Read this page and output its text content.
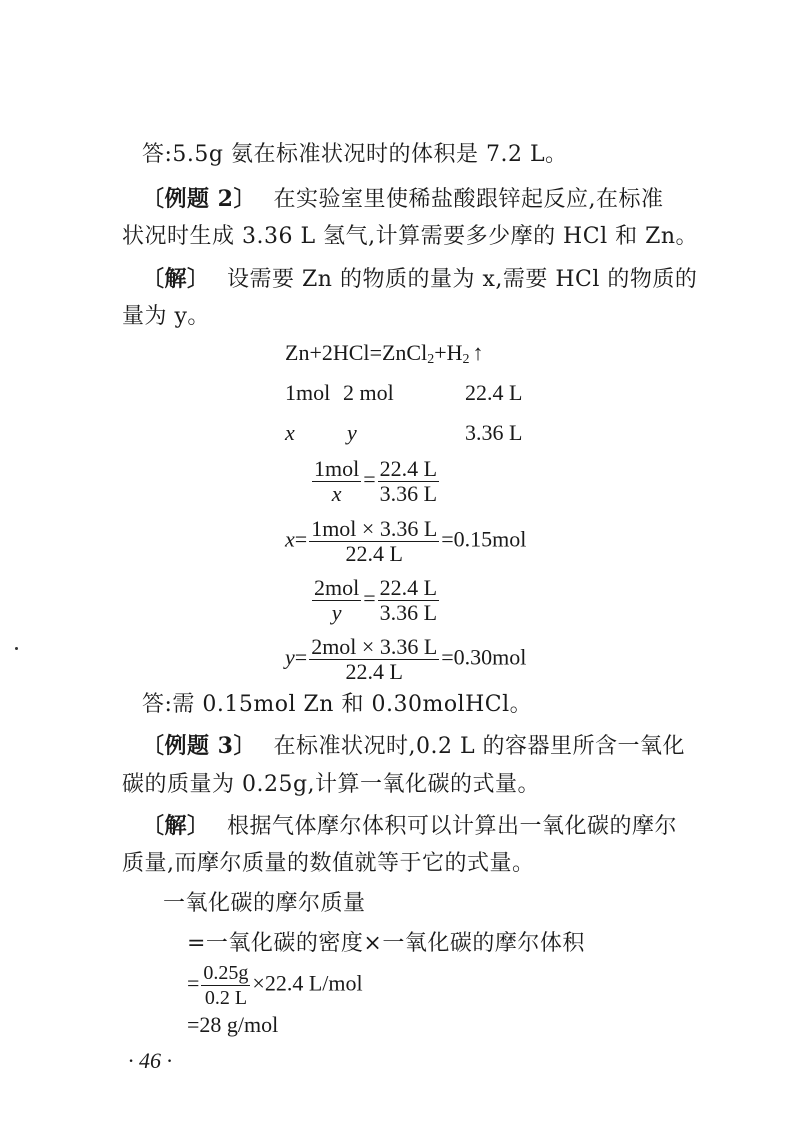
答:5.5g 氨在标准状况时的体积是 7.2 L。
〔例题 2〕 在实验室里使稀盐酸跟锌起反应,在标准
状况时生成 3.36 L 氢气,计算需要多少摩的 HCl 和 Zn。
〔解〕 设需要 Zn 的物质的量为 x,需要 HCl 的物质的
量为 y。
$Zn+2HCl=ZnCl_2+H_2$ ↑
1mol 2 mol	22.4 L
x y	3.36 L
$\frac{\text{1mol}}{x} = \frac{22.4 L}{3.36 L}$
$x= \frac{\text{1mol × 3.36 L}}{22.4 L} =0.15mol$
$\frac{\text{2mol}}{y} = \frac{22.4 L}{3.36 L}$
$y= \frac{\text{2mol × 3.36 L}}{22.4 L} =0.30mol$
答:需 0.15mol Zn 和 0.30molHCl。
〔例题 3〕 在标准状况时,0.2 L 的容器里所含一氧化
碳的质量为 0.25g,计算一氧化碳的式量。
〔解〕 根据气体摩尔体积可以计算出一氧化碳的摩尔
质量,而摩尔质量的数值就等于它的式量。
一氧化碳的摩尔质量
=一氧化碳的密度×一氧化碳的摩尔体积
= $\frac{0.25g}{0.2 L} \times 22.4$ L/mol
=28 g/mol
· 46 ·
